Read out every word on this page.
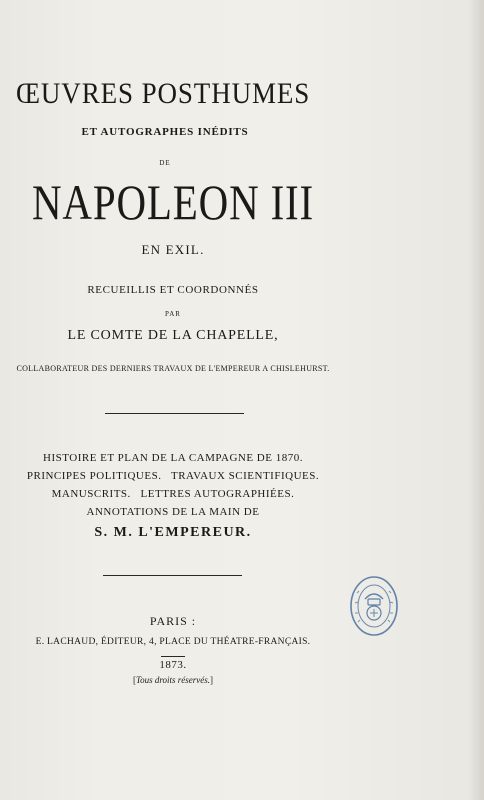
ŒUVRES POSTHUMES
ET AUTOGRAPHES INÉDITS
DE
NAPOLEON III
EN EXIL.
RECUEILLIS ET COORDONNÉS
PAR
LE COMTE DE LA CHAPELLE,
COLLABORATEUR DES DERNIERS TRAVAUX DE L'EMPEREUR A CHISLEHURST.
HISTOIRE ET PLAN DE LA CAMPAGNE DE 1870.
PRINCIPES POLITIQUES.   TRAVAUX SCIENTIFIQUES.
MANUSCRITS.   LETTRES AUTOGRAPHIÉES.
ANNOTATIONS DE LA MAIN DE
S. M. L'EMPEREUR.
PARIS :
E. LACHAUD, ÉDITEUR, 4, PLACE DU THÉATRE-FRANÇAIS.
1873.
[Tous droits réservés.]
